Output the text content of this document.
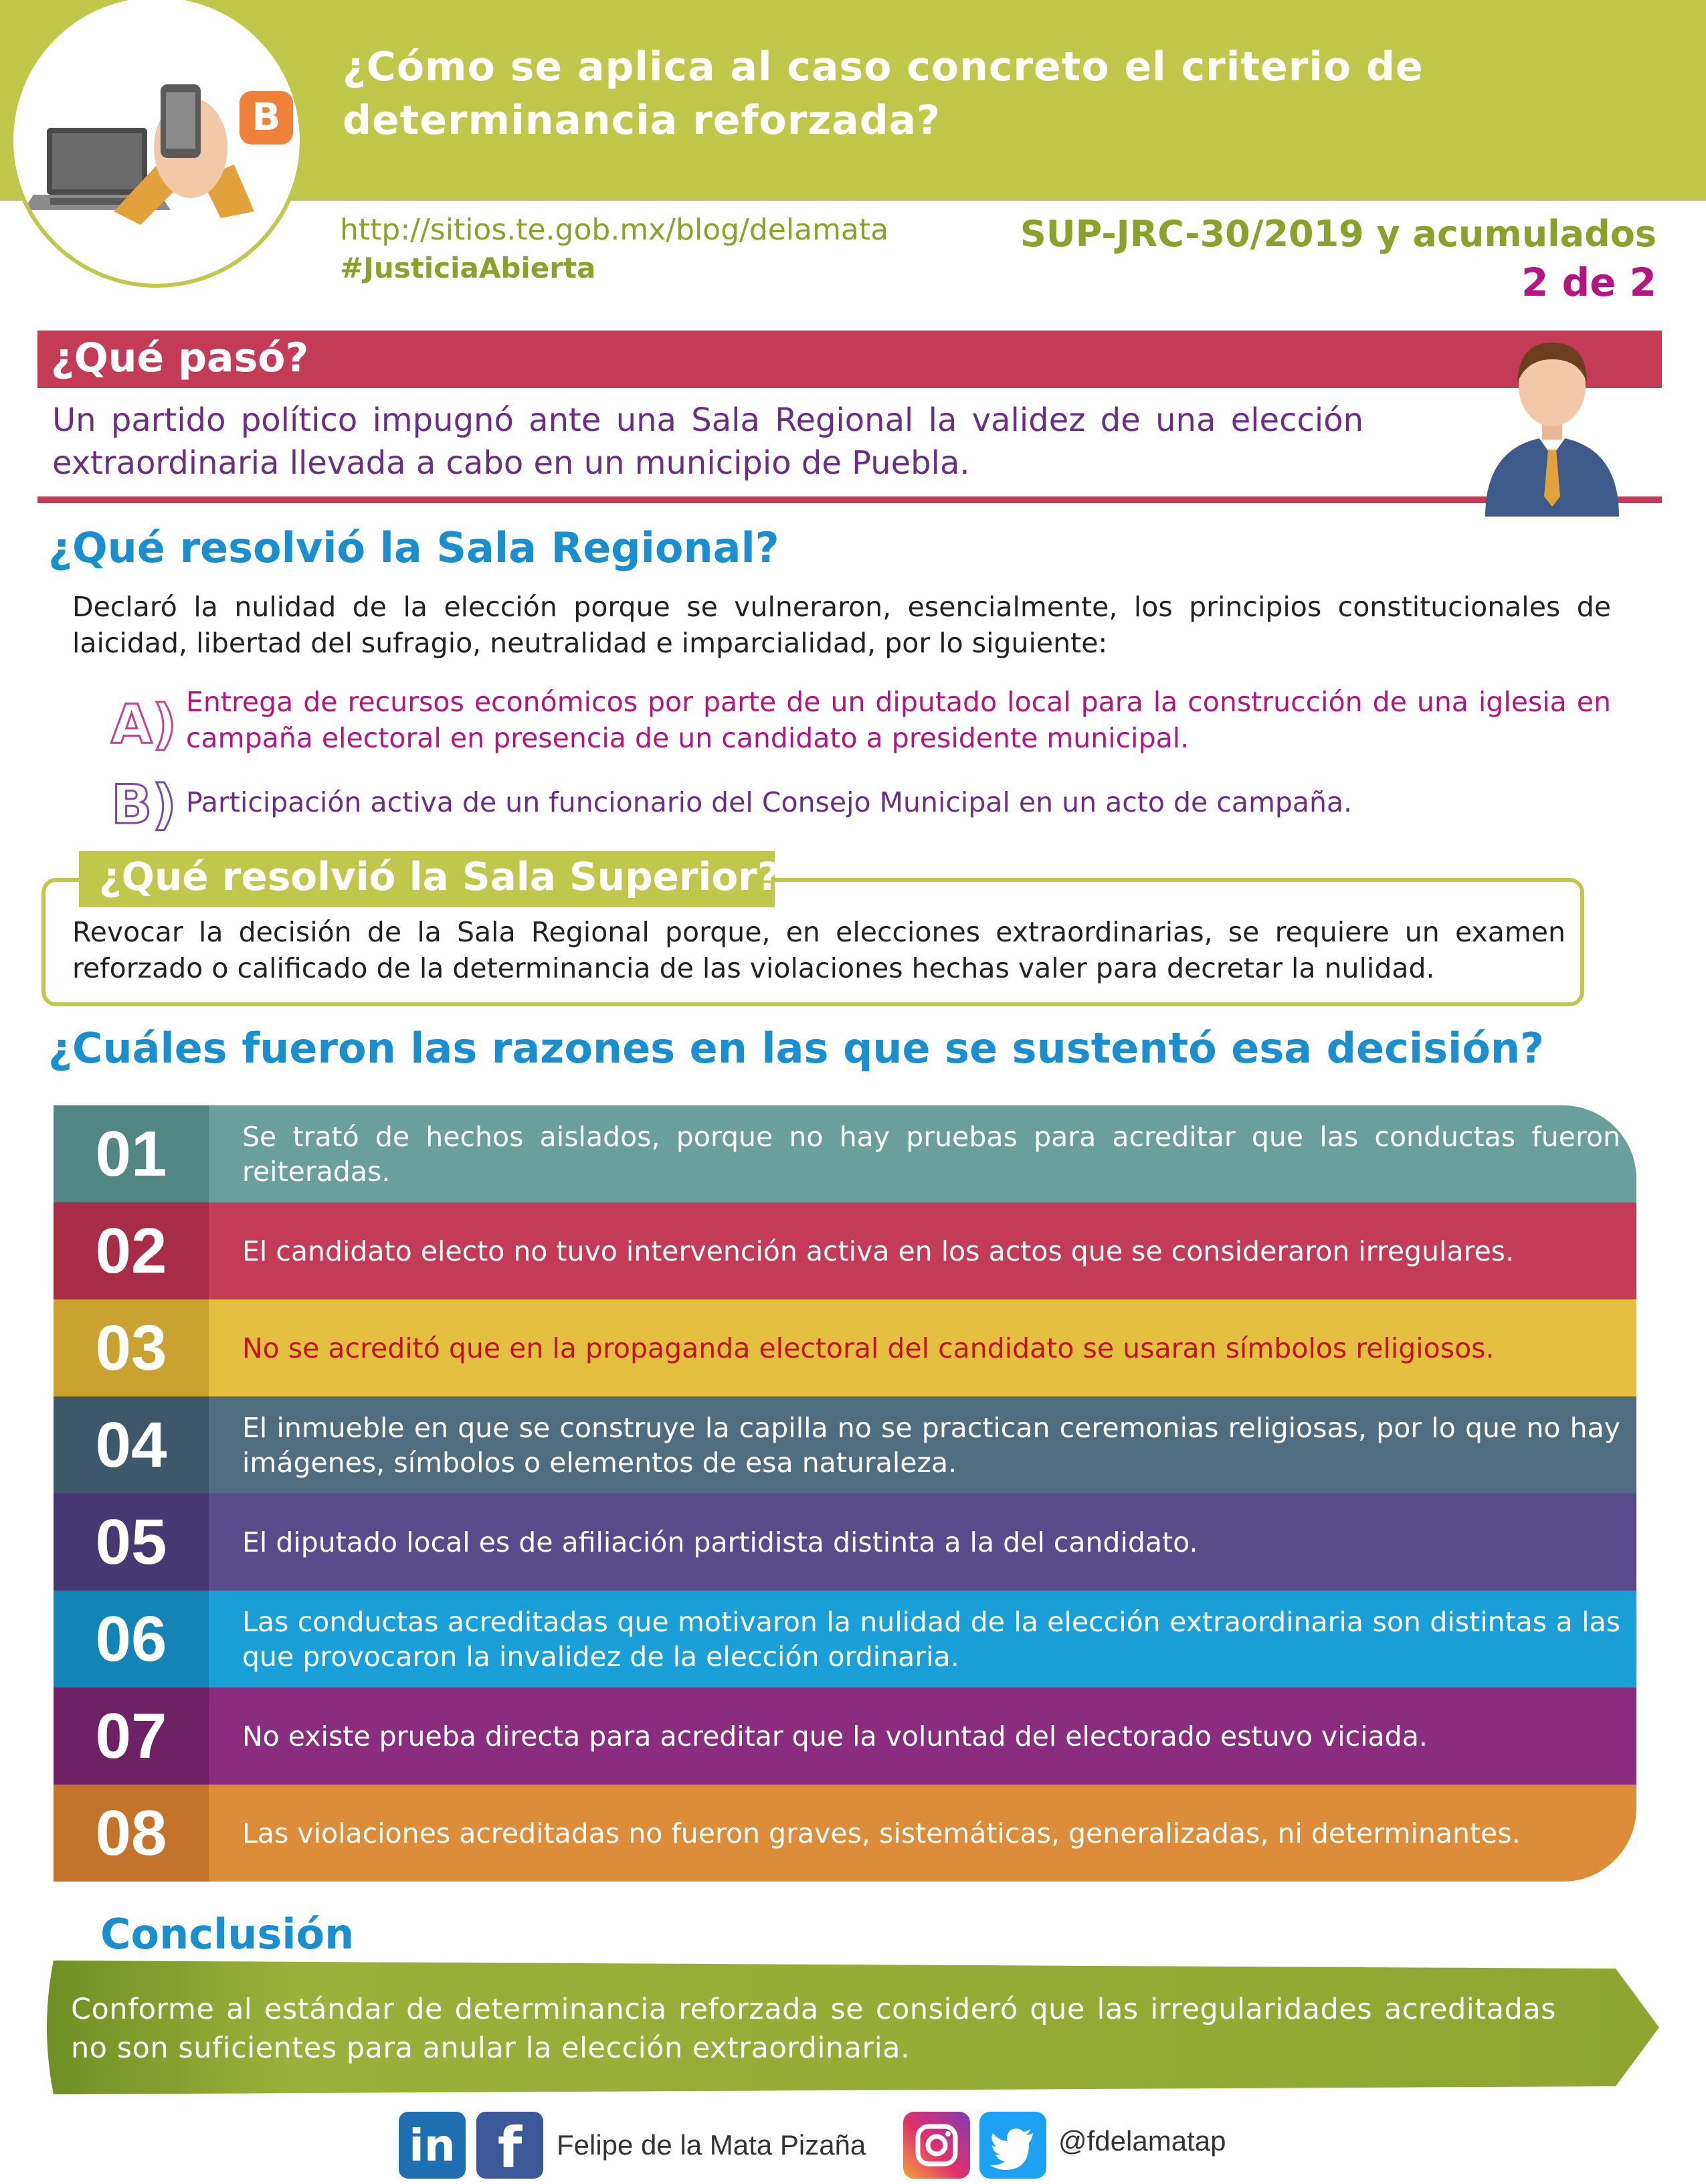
B
¿Cómo se aplica al caso concreto el criterio de determinancia reforzada?
http://sitios.te.gob.mx/blog/delamata
#JusticiaAbierta
SUP-JRC-30/2019 y acumulados
2 de 2
¿Qué pasó?
Un partido político impugnó ante una Sala Regional la validez de una elección extraordinaria llevada a cabo en un municipio de Puebla.
¿Qué resolvió la Sala Regional?
Declaró la nulidad de la elección porque se vulneraron, esencialmente, los principios constitucionales de laicidad, libertad del sufragio, neutralidad e imparcialidad, por lo siguiente:
A)
B)
Entrega de recursos económicos por parte de un diputado local para la construcción de una iglesia en campaña electoral en presencia de un candidato a presidente municipal.
Participación activa de un funcionario del Consejo Municipal en un acto de campaña.
¿Qué resolvió la Sala Superior?
Revocar la decisión de la Sala Regional porque, en elecciones extraordinarias, se requiere un examen reforzado o calificado de la determinancia de las violaciones hechas valer para decretar la nulidad.
¿Cuáles fueron las razones en las que se sustentó esa decisión?
01	Se trató de hechos aislados, porque no hay pruebas para acreditar que las conductas fueron reiteradas.
02	El candidato electo no tuvo intervención activa en los actos que se consideraron irregulares.
03	No se acreditó que en la propaganda electoral del candidato se usaran símbolos religiosos.
04	El inmueble en que se construye la capilla no se practican ceremonias religiosas, por lo que no hay imágenes, símbolos o elementos de esa naturaleza.
05	El diputado local es de afiliación partidista distinta a la del candidato.
06	Las conductas acreditadas que motivaron la nulidad de la elección extraordinaria son distintas a las que provocaron la invalidez de la elección ordinaria.
07	No existe prueba directa para acreditar que la voluntad del electorado estuvo viciada.
08	Las violaciones acreditadas no fueron graves, sistemáticas, generalizadas, ni determinantes.
Conclusión
Conforme al estándar de determinancia reforzada se consideró que las irregularidades acreditadas no son suficientes para anular la elección extraordinaria.
in f	Felipe de la Mata Pizaña	@fdelamatap
